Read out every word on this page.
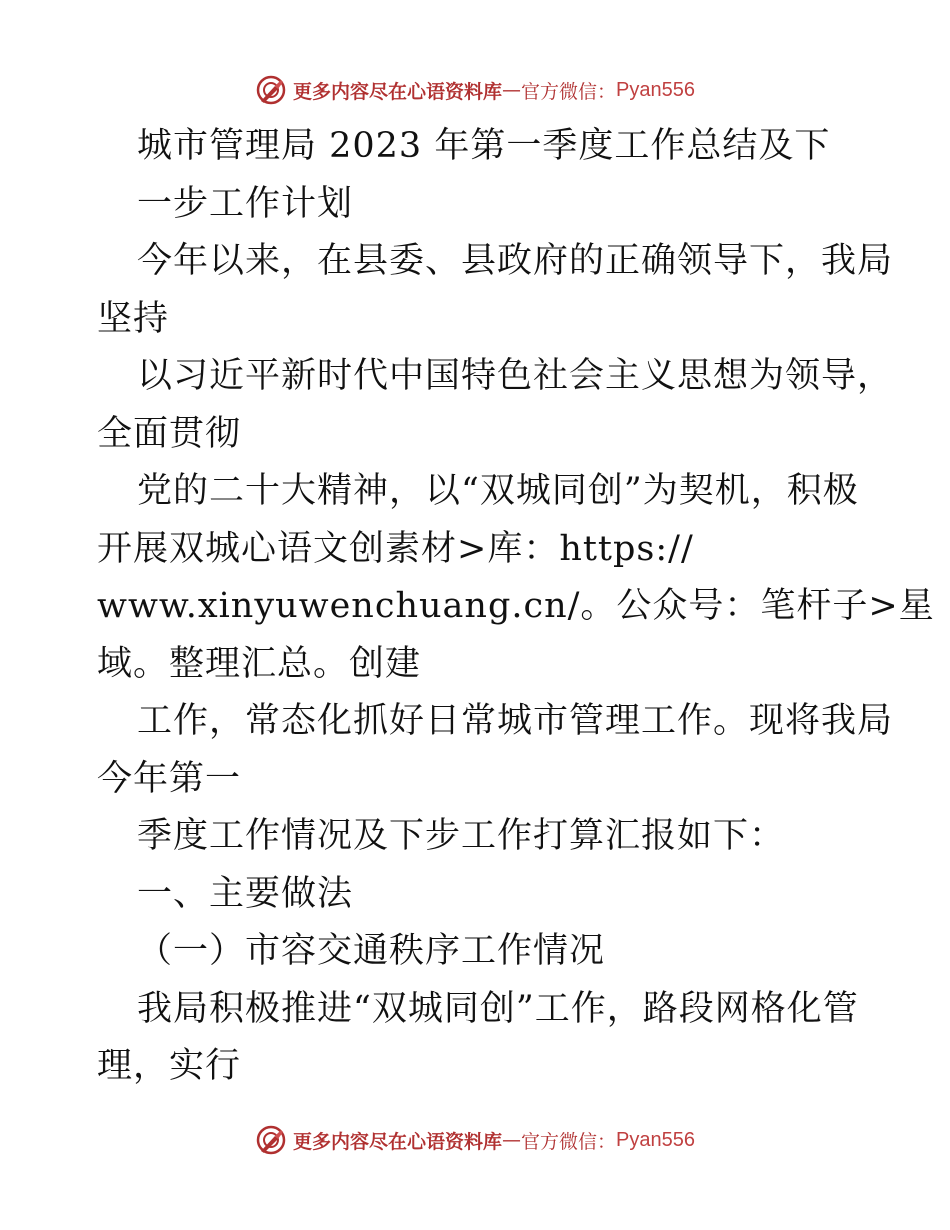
更多内容尽在心语资料库 — 官方微信： Pyan556
城市管理局 2023 年第一季度工作总结及下
一步工作计划
今年以来，在县委、县政府的正确领导下，我局
坚持
以习近平新时代中国特色社会主义思想为领导，
全面贯彻
党的二十大精神，以“双城同创”为契机，积极
开展双城心语文创素材>库：https://
www.xinyuwenchuang.cn/。公众号：笔杆子>星
域。整理汇总。创建
工作，常态化抓好日常城市管理工作。现将我局
今年第一
季度工作情况及下步工作打算汇报如下：
一、主要做法
（一）市容交通秩序工作情况
我局积极推进“双城同创”工作，路段网格化管
理，实行
更多内容尽在心语资料库 — 官方微信： Pyan556
